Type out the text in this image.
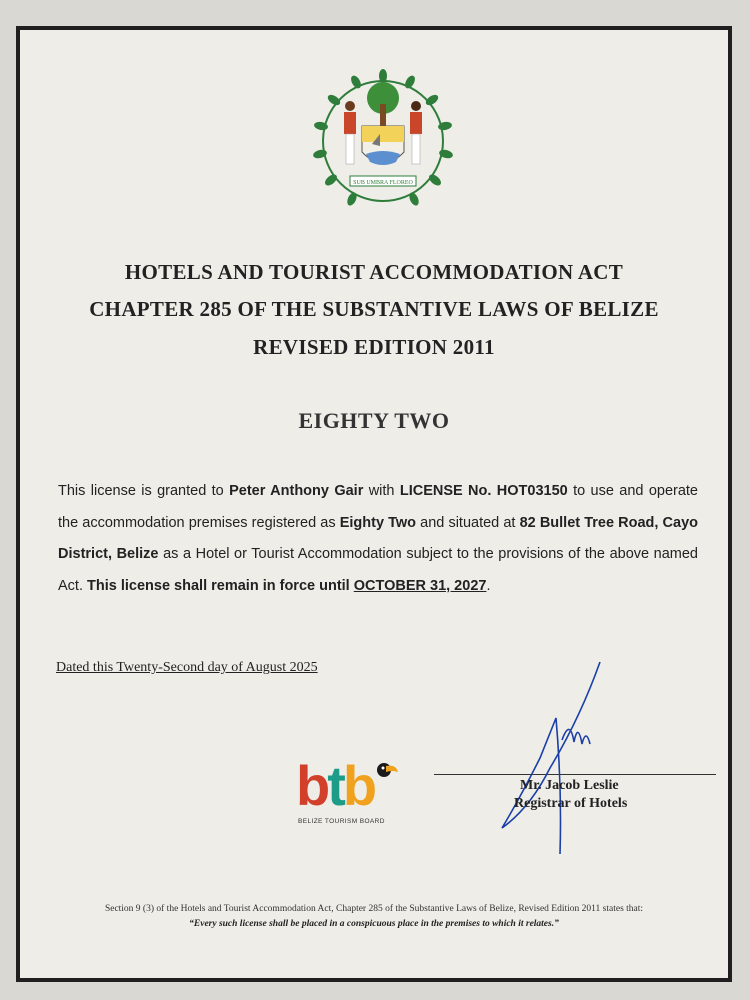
SUB UMBRA FLOREO
HOTELS AND TOURIST ACCOMMODATION ACT
CHAPTER 285 OF THE SUBSTANTIVE LAWS OF BELIZE
REVISED EDITION 2011
EIGHTY TWO
This license is granted to Peter Anthony Gair with LICENSE No. HOT03150 to use and operate the accommodation premises registered as Eighty Two and situated at 82 Bullet Tree Road, Cayo District, Belize as a Hotel or Tourist Accommodation subject to the provisions of the above named Act. This license shall remain in force until OCTOBER 31, 2027.
Dated this Twenty-Second day of August 2025
btb
BELIZE TOURISM BOARD
Mr. Jacob Leslie
Registrar of Hotels
Section 9 (3) of the Hotels and Tourist Accommodation Act, Chapter 285 of the Substantive Laws of Belize, Revised Edition 2011 states that:
“Every such license shall be placed in a conspicuous place in the premises to which it relates.”
